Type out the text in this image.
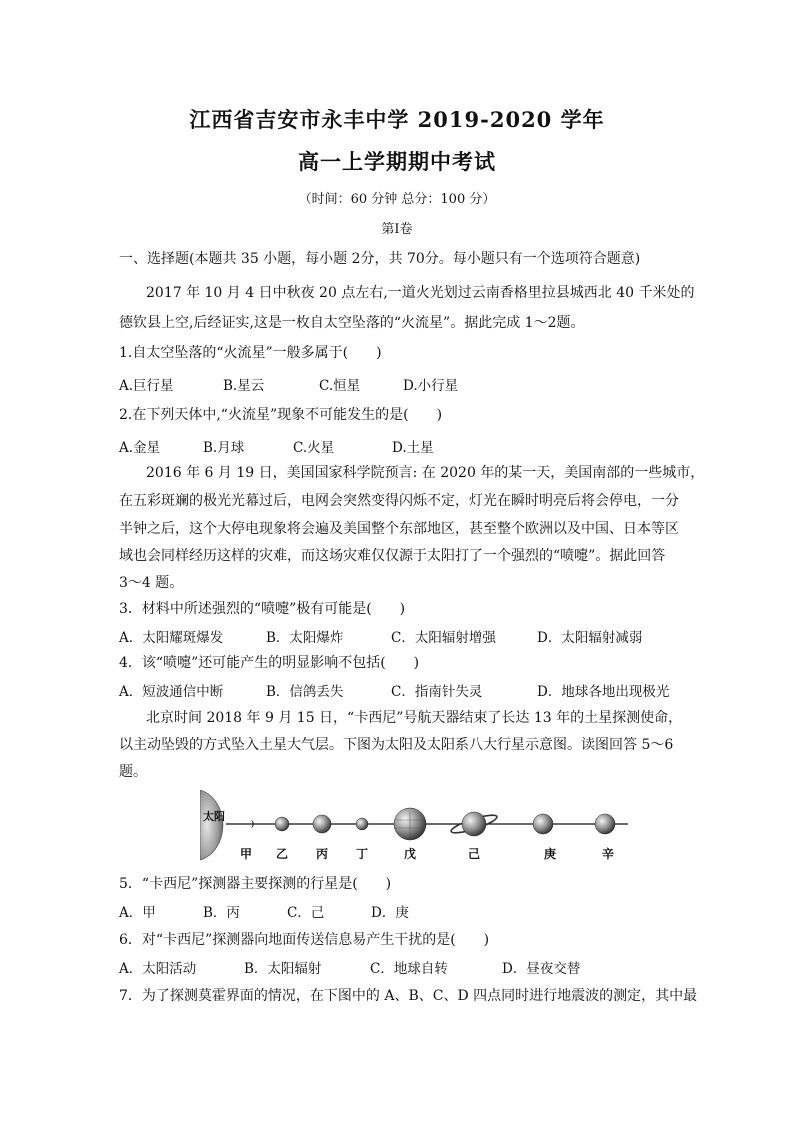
江西省吉安市永丰中学 2019-2020 学年
高一上学期期中考试
（时间：60 分钟 总分：100 分）
第Ⅰ卷
一、选择题(本题共 35 小题，每小题 2分，共 70分。每小题只有一个选项符合题意)
2017 年 10 月 4 日中秋夜 20 点左右,一道火光划过云南香格里拉县城西北 40 千米处的
德钦县上空,后经证实,这是一枚自太空坠落的“火流星”。据此完成 1～2题。
1.自太空坠落的“火流星”一般多属于(　　)
A.巨行星	B.星云	C.恒星	D.小行星
2.在下列天体中,“火流星”现象不可能发生的是(　　)
A.金星	B.月球	C.火星	D.土星
2016 年 6 月 19 日，美国国家科学院预言: 在 2020 年的某一天，美国南部的一些城市，
在五彩斑斓的极光光幕过后，电网会突然变得闪烁不定，灯光在瞬时明亮后将会停电，一分
半钟之后，这个大停电现象将会遍及美国整个东部地区，甚至整个欧洲以及中国、日本等区
域也会同样经历这样的灾难，而这场灾难仅仅源于太阳打了一个强烈的“喷嚏”。据此回答
3～4 题。
3．材料中所述强烈的“喷嚏”极有可能是(　　)
A．太阳耀斑爆发	B．太阳爆炸	C．太阳辐射增强	D．太阳辐射减弱
4．该“喷嚏”还可能产生的明显影响不包括(　　)
A．短波通信中断	B．信鸽丢失	C．指南针失灵	D．地球各地出现极光
北京时间 2018 年 9 月 15 日，“卡西尼”号航天器结束了长达 13 年的土星探测使命，
以主动坠毁的方式坠入土星大气层。下图为太阳及太阳系八大行星示意图。读图回答 5～6
题。
太阳
甲 乙 丙 丁	戊	己	庚	辛
5．“卡西尼”探测器主要探测的行星是(　　)
A．甲	B．丙	C．己	D．庚
6．对“卡西尼”探测器向地面传送信息易产生干扰的是(　　)
A．太阳活动	B．太阳辐射	C．地球自转	D．昼夜交替
7．为了探测莫霍界面的情况，在下图中的 A、B、C、D 四点同时进行地震波的测定，其中最
